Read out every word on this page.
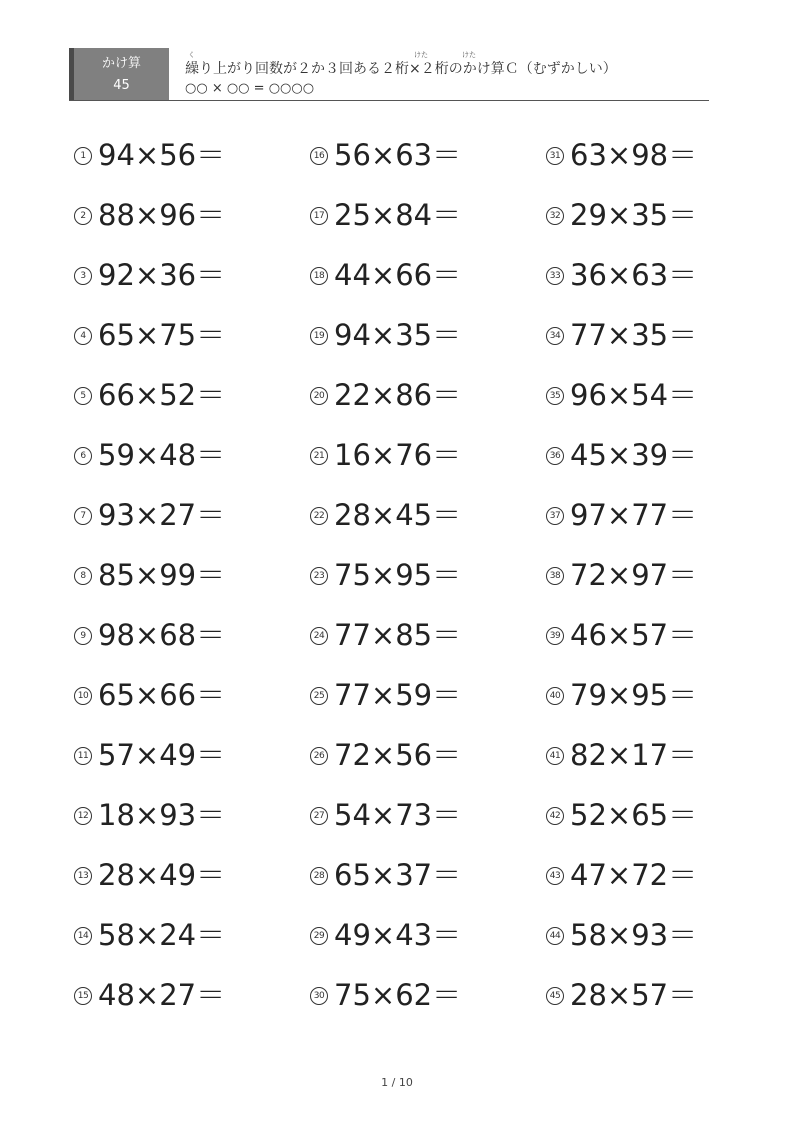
かけ算
45
く	けた	けた
繰り上がり回数が２か３回ある２桁×２桁のかけ算Ｃ（むずかしい）
○○ × ○○ = ○○○○
1 94×56＝
2 88×96＝
3 92×36＝
4 65×75＝
5 66×52＝
6 59×48＝
7 93×27＝
8 85×99＝
9 98×68＝
10 65×66＝
11 57×49＝
12 18×93＝
13 28×49＝
14 58×24＝
15 48×27＝
16 56×63＝
17 25×84＝
18 44×66＝
19 94×35＝
20 22×86＝
21 16×76＝
22 28×45＝
23 75×95＝
24 77×85＝
25 77×59＝
26 72×56＝
27 54×73＝
28 65×37＝
29 49×43＝
30 75×62＝
31 63×98＝
32 29×35＝
33 36×63＝
34 77×35＝
35 96×54＝
36 45×39＝
37 97×77＝
38 72×97＝
39 46×57＝
40 79×95＝
41 82×17＝
42 52×65＝
43 47×72＝
44 58×93＝
45 28×57＝
1 / 10
